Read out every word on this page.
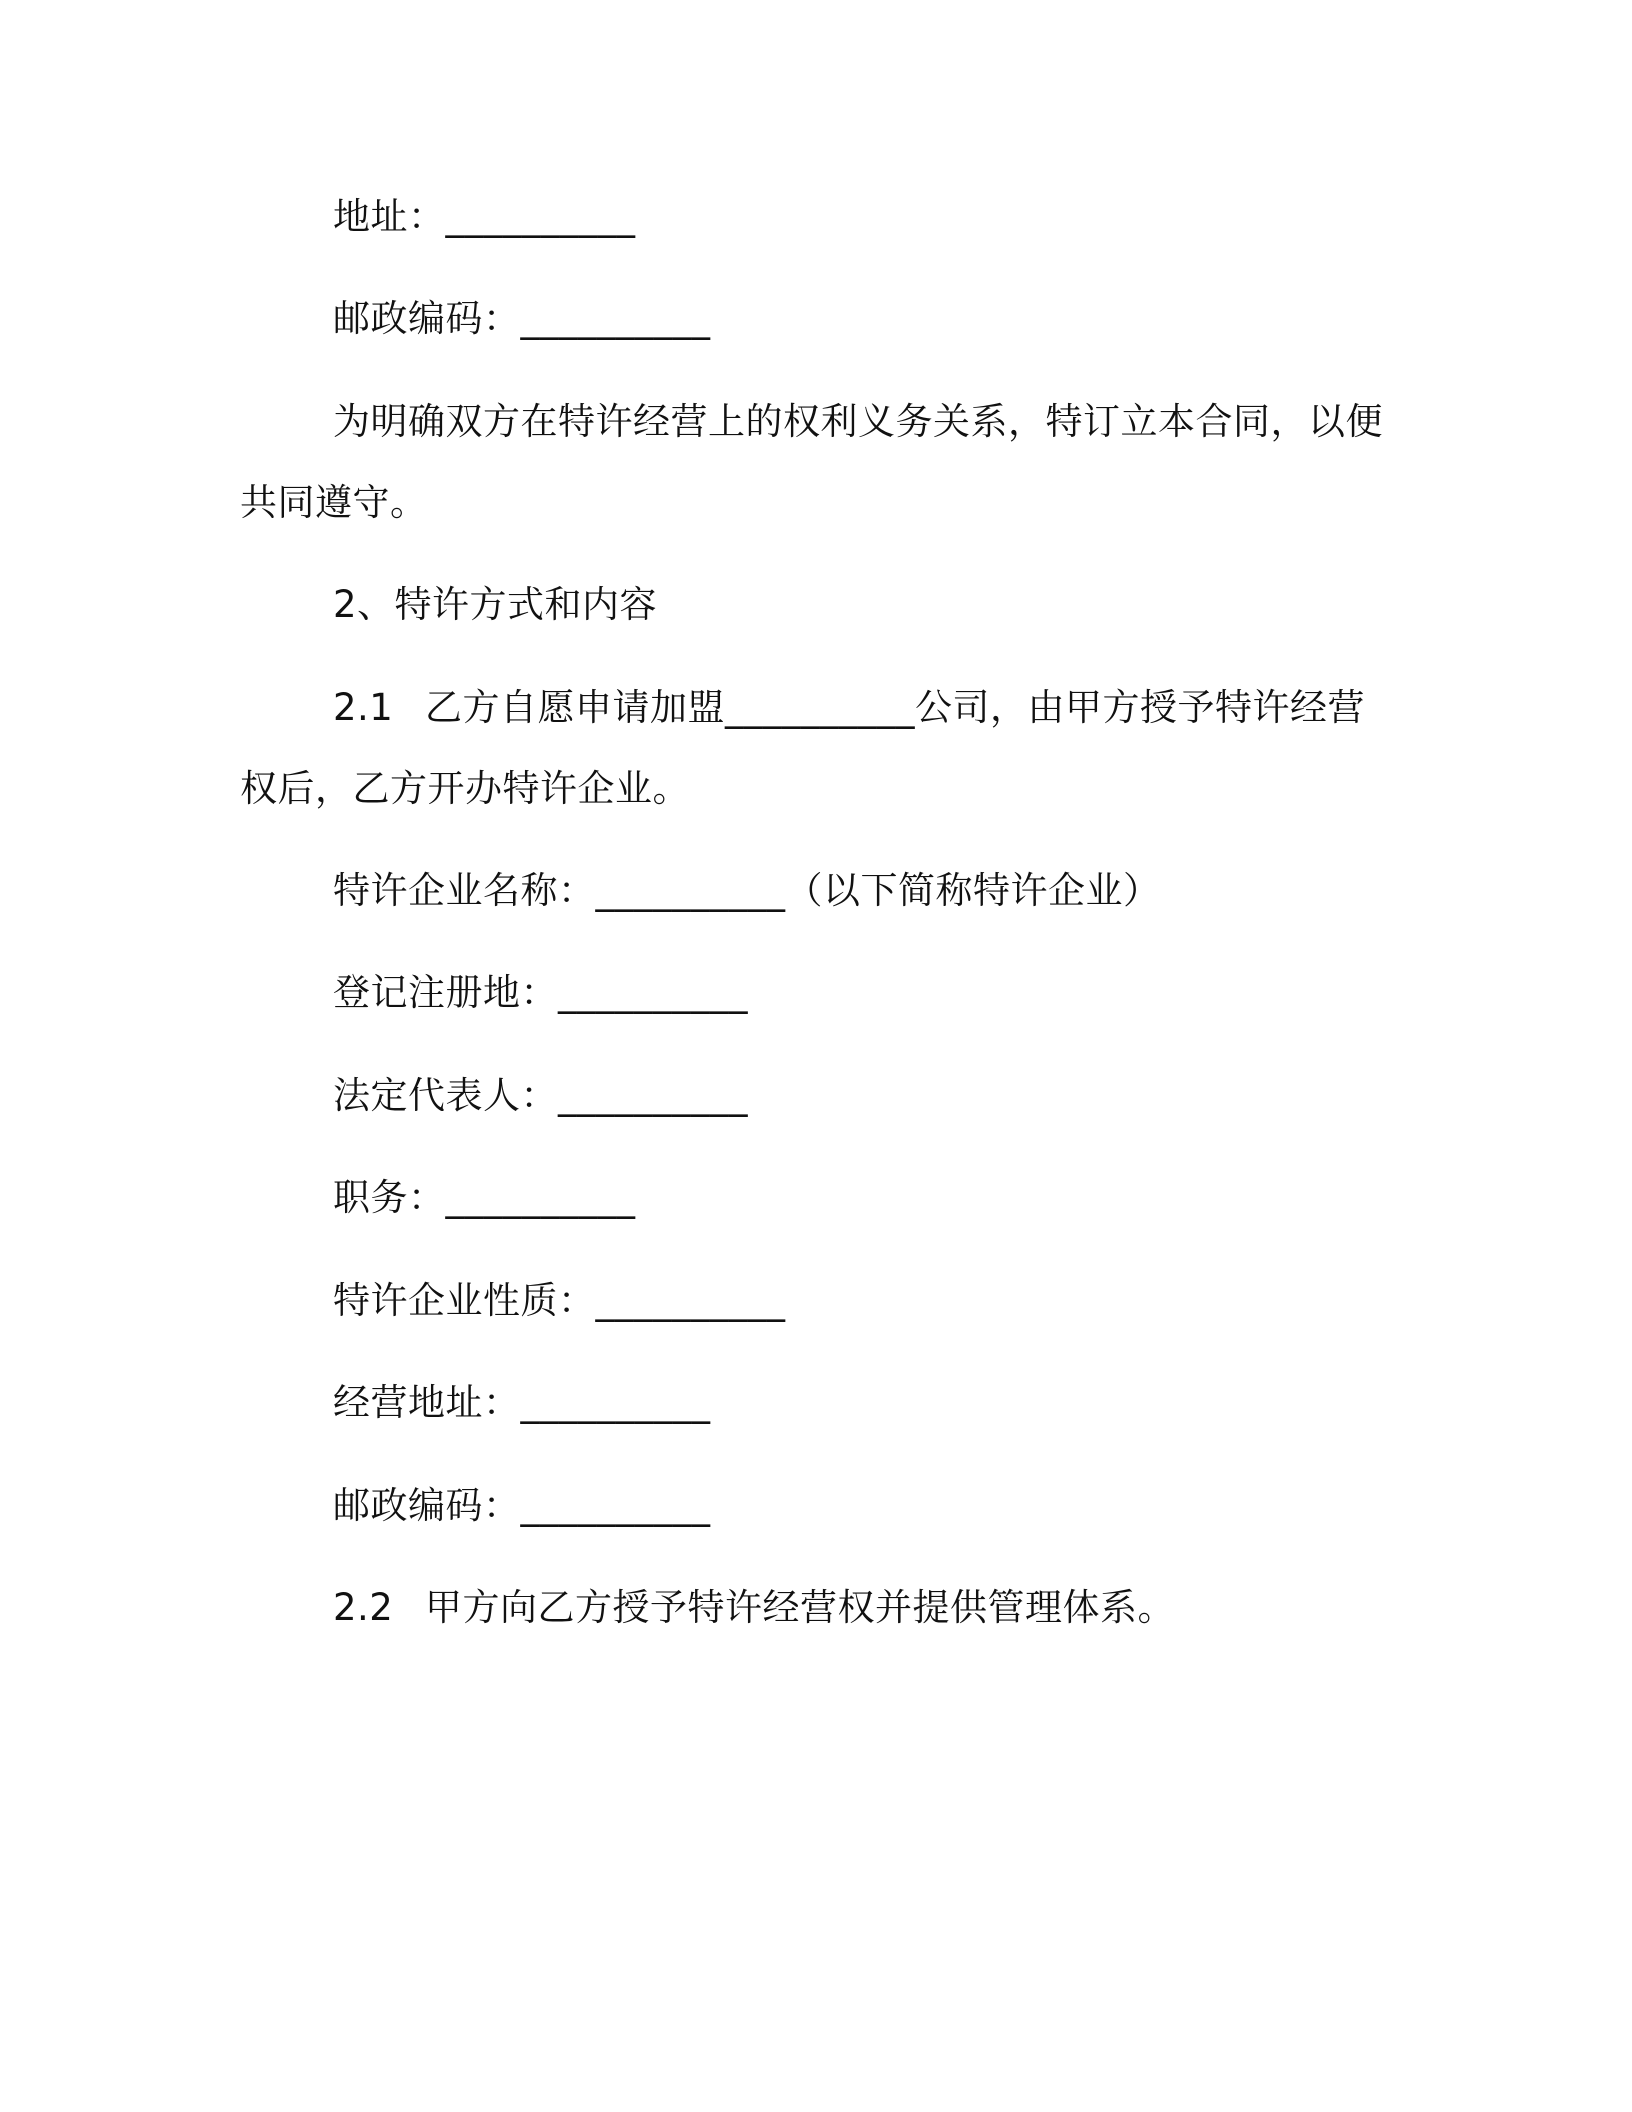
地址：__________
邮政编码：__________
为明确双方在特许经营上的权利义务关系，特订立本合同，以便
共同遵守。
2、特许方式和内容
2.1 乙方自愿申请加盟__________公司，由甲方授予特许经营
权后，乙方开办特许企业。
特许企业名称：__________（以下简称特许企业）
登记注册地：__________
法定代表人：__________
职务：__________
特许企业性质：__________
经营地址：__________
邮政编码：__________
2.2 甲方向乙方授予特许经营权并提供管理体系。
